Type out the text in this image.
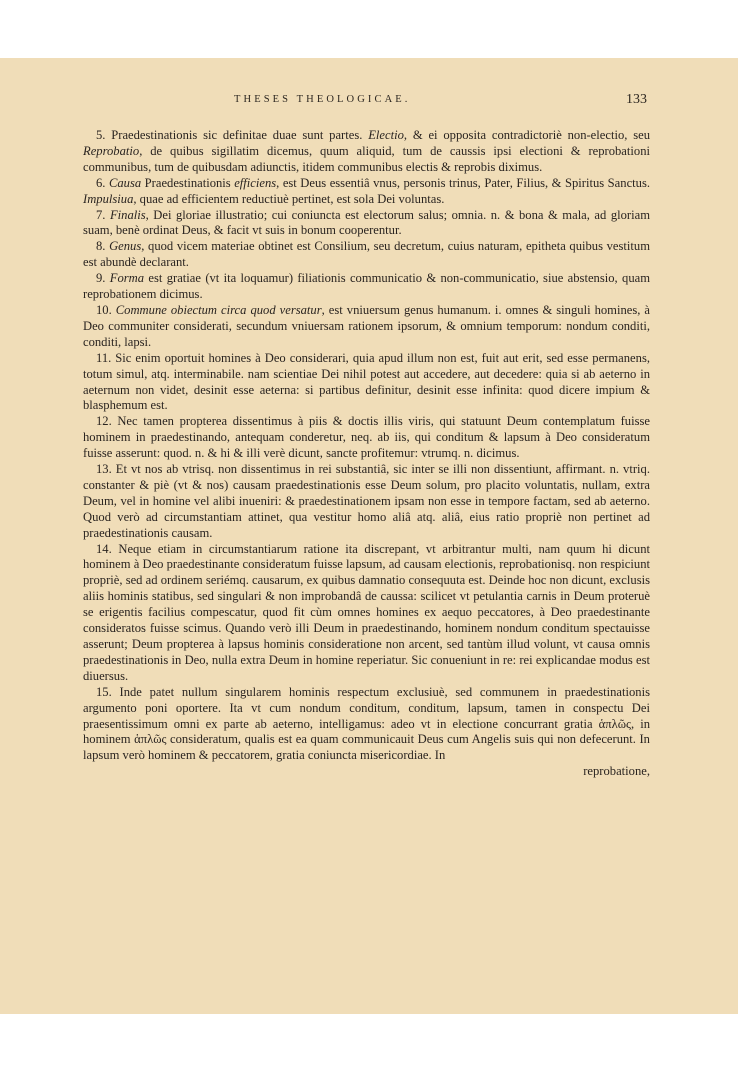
THESES THEOLOGICAE.	133

5. Praedestinationis sic definitae duae sunt partes. Electio, & ei opposita contradictoriè non-electio, seu Reprobatio, de quibus sigillatim dicemus, quum aliquid, tum de caussis ipsi electioni & reprobationi communibus, tum de quibusdam adiunctis, itidem communibus electis & reprobis diximus.

6. Causa Praedestinationis efficiens, est Deus essentiâ vnus, personis trinus, Pater, Filius, & Spiritus Sanctus. Impulsiua, quae ad efficientem reductiuè pertinet, est sola Dei voluntas.

7. Finalis, Dei gloriae illustratio; cui coniuncta est electorum salus; omnia. n. & bona & mala, ad gloriam suam, benè ordinat Deus, & facit vt suis in bonum cooperentur.

8. Genus, quod vicem materiae obtinet est Consilium, seu decretum, cuius naturam, epitheta quibus vestitum est abundè declarant.

9. Forma est gratiae (vt ita loquamur) filiationis communicatio & non-communicatio, siue abstensio, quam reprobationem dicimus.

10. Commune obiectum circa quod versatur, est vniuersum genus humanum. i. omnes & singuli homines, à Deo communiter considerati, secundum vniuersam rationem ipsorum, & omnium temporum: nondum conditi, conditi, lapsi.

11. Sic enim oportuit homines à Deo considerari, quia apud illum non est, fuit aut erit, sed esse permanens, totum simul, atq. interminabile. nam scientiae Dei nihil potest aut accedere, aut decedere: quia si ab aeterno in aeternum non videt, desinit esse aeterna: si partibus definitur, desinit esse infinita: quod dicere impium & blasphemum est.

12. Nec tamen propterea dissentimus à piis & doctis illis viris, qui statuunt Deum contemplatum fuisse hominem in praedestinando, antequam conderetur, neq. ab iis, qui conditum & lapsum à Deo consideratum fuisse asserunt: quod. n. & hi & illi verè dicunt, sancte profitemur: vtrumq. n. dicimus.

13. Et vt nos ab vtrisq. non dissentimus in rei substantiâ, sic inter se illi non dissentiunt, affirmant. n. vtriq. constanter & piè (vt & nos) causam praedestinationis esse Deum solum, pro placito voluntatis, nullam, extra Deum, vel in homine vel alibi inueniri: & praedestinationem ipsam non esse in tempore factam, sed ab aeterno. Quod verò ad circumstantiam attinet, qua vestitur homo aliâ atq. aliâ, eius ratio propriè non pertinet ad praedestinationis causam.

14. Neque etiam in circumstantiarum ratione ita discrepant, vt arbitrantur multi, nam quum hi dicunt hominem à Deo praedestinante consideratum fuisse lapsum, ad causam electionis, reprobationisq. non respiciunt propriè, sed ad ordinem seriémq. causarum, ex quibus damnatio consequuta est. Deinde hoc non dicunt, exclusis aliis hominis statibus, sed singulari & non improbandâ de caussa: scilicet vt petulantia carnis in Deum proteruè se erigentis facilius compescatur, quod fit cùm omnes homines ex aequo peccatores, à Deo praedestinante consideratos fuisse scimus. Quando verò illi Deum in praedestinando, hominem nondum conditum spectauisse asserunt; Deum propterea à lapsus hominis consideratione non arcent, sed tantùm illud volunt, vt causa omnis praedestinationis in Deo, nulla extra Deum in homine reperiatur. Sic conueniunt in re: rei explicandae modus est diuersus.

15. Inde patet nullum singularem hominis respectum exclusiuè, sed communem in praedestinationis argumento poni oportere. Ita vt cum nondum conditum, conditum, lapsum, tamen in conspectu Dei praesentissimum omni ex parte ab aeterno, intelligamus: adeo vt in electione concurrant gratia ἁπλῶς, in hominem ἁπλῶς consideratum, qualis est ea quam communicauit Deus cum Angelis suis qui non defecerunt. In lapsum verò hominem & peccatorem, gratia coniuncta misericordiae. In

reprobatione,
